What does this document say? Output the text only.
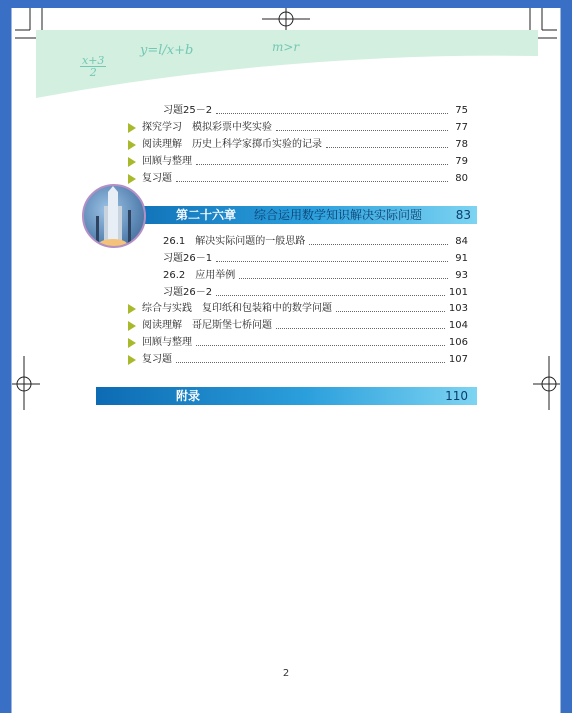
x+3
2
y=l/x+b	m>r
习题25－2	75
探究学习　模拟彩票中奖实验	77
阅读理解　历史上科学家掷币实验的记录	78
回顾与整理	79
复习题	80
第二十六章 综合运用数学知识解决实际问题	83
26.1　解决实际问题的一般思路	84
习题26－1	91
26.2　应用举例	93
习题26－2	101
综合与实践　复印纸和包装箱中的数学问题	103
阅读理解　哥尼斯堡七桥问题	104
回顾与整理	106
复习题	107
附录	110
2
